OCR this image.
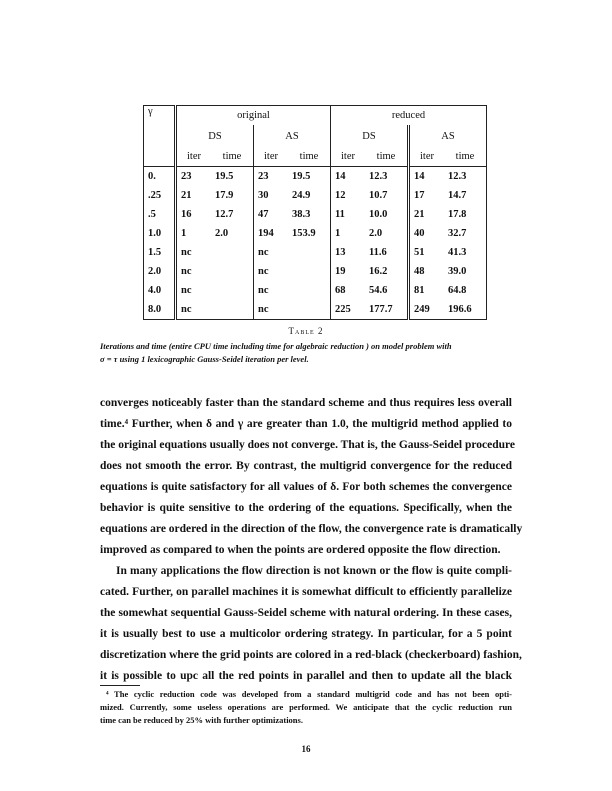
γ	original				reduced			
	DS		AS		DS		AS	
	iter	time	iter	time	iter	time	iter	time
0.	23	19.5	23	19.5	14	12.3	14	12.3
.25	21	17.9	30	24.9	12	10.7	17	14.7
.5	16	12.7	47	38.3	11	10.0	21	17.8
1.0	1	2.0	194	153.9	1	2.0	40	32.7
1.5	nc		nc		13	11.6	51	41.3
2.0	nc		nc		19	16.2	48	39.0
4.0	nc		nc		68	54.6	81	64.8
8.0	nc		nc		225	177.7	249	196.6
Table 2
Iterations and time (entire CPU time including time for algebraic reduction ) on model problem with
σ = τ using 1 lexicographic Gauss-Seidel iteration per level.
converges noticeably faster than the standard scheme and thus requires less overall
time.⁴ Further, when δ and γ are greater than 1.0, the multigrid method applied to
the original equations usually does not converge. That is, the Gauss-Seidel procedure
does not smooth the error. By contrast, the multigrid convergence for the reduced
equations is quite satisfactory for all values of δ. For both schemes the convergence
behavior is quite sensitive to the ordering of the equations. Specifically, when the
equations are ordered in the direction of the flow, the convergence rate is dramatically
improved as compared to when the points are ordered opposite the flow direction.
In many applications the flow direction is not known or the flow is quite compli-
cated. Further, on parallel machines it is somewhat difficult to efficiently parallelize
the somewhat sequential Gauss-Seidel scheme with natural ordering. In these cases,
it is usually best to use a multicolor ordering strategy. In particular, for a 5 point
discretization where the grid points are colored in a red-black (checkerboard) fashion,
it is possible to upc all the red points in parallel and then to update all the black
⁴ The cyclic reduction code was developed from a standard multigrid code and has not been opti-
mized. Currently, some useless operations are performed. We anticipate that the cyclic reduction run
time can be reduced by 25% with further optimizations.
16
